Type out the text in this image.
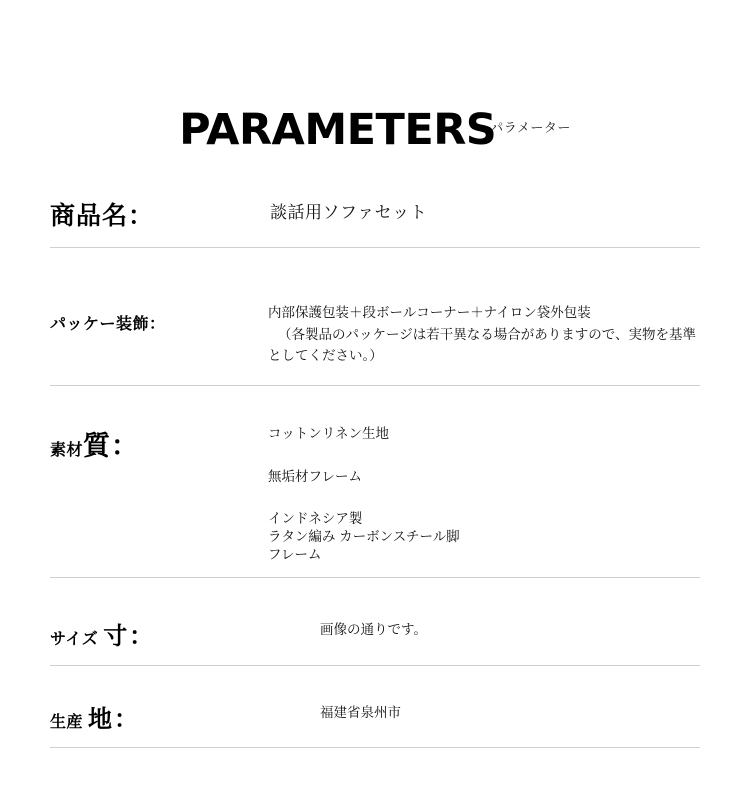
PARAMETERSパラメーター
商品名：	談話用ソファセット
パッケー装飾：
内部保護包装＋段ボールコーナー＋ナイロン袋外包装
（各製品のパッケージは若干異なる場合がありますので、実物を基準としてください。）
素材質：	コットンリネン生地
無垢材フレーム
インドネシア製
ラタン編み カーボンスチール脚
フレーム
サイズ 寸：	画像の通りです。
生産 地：	福建省泉州市
